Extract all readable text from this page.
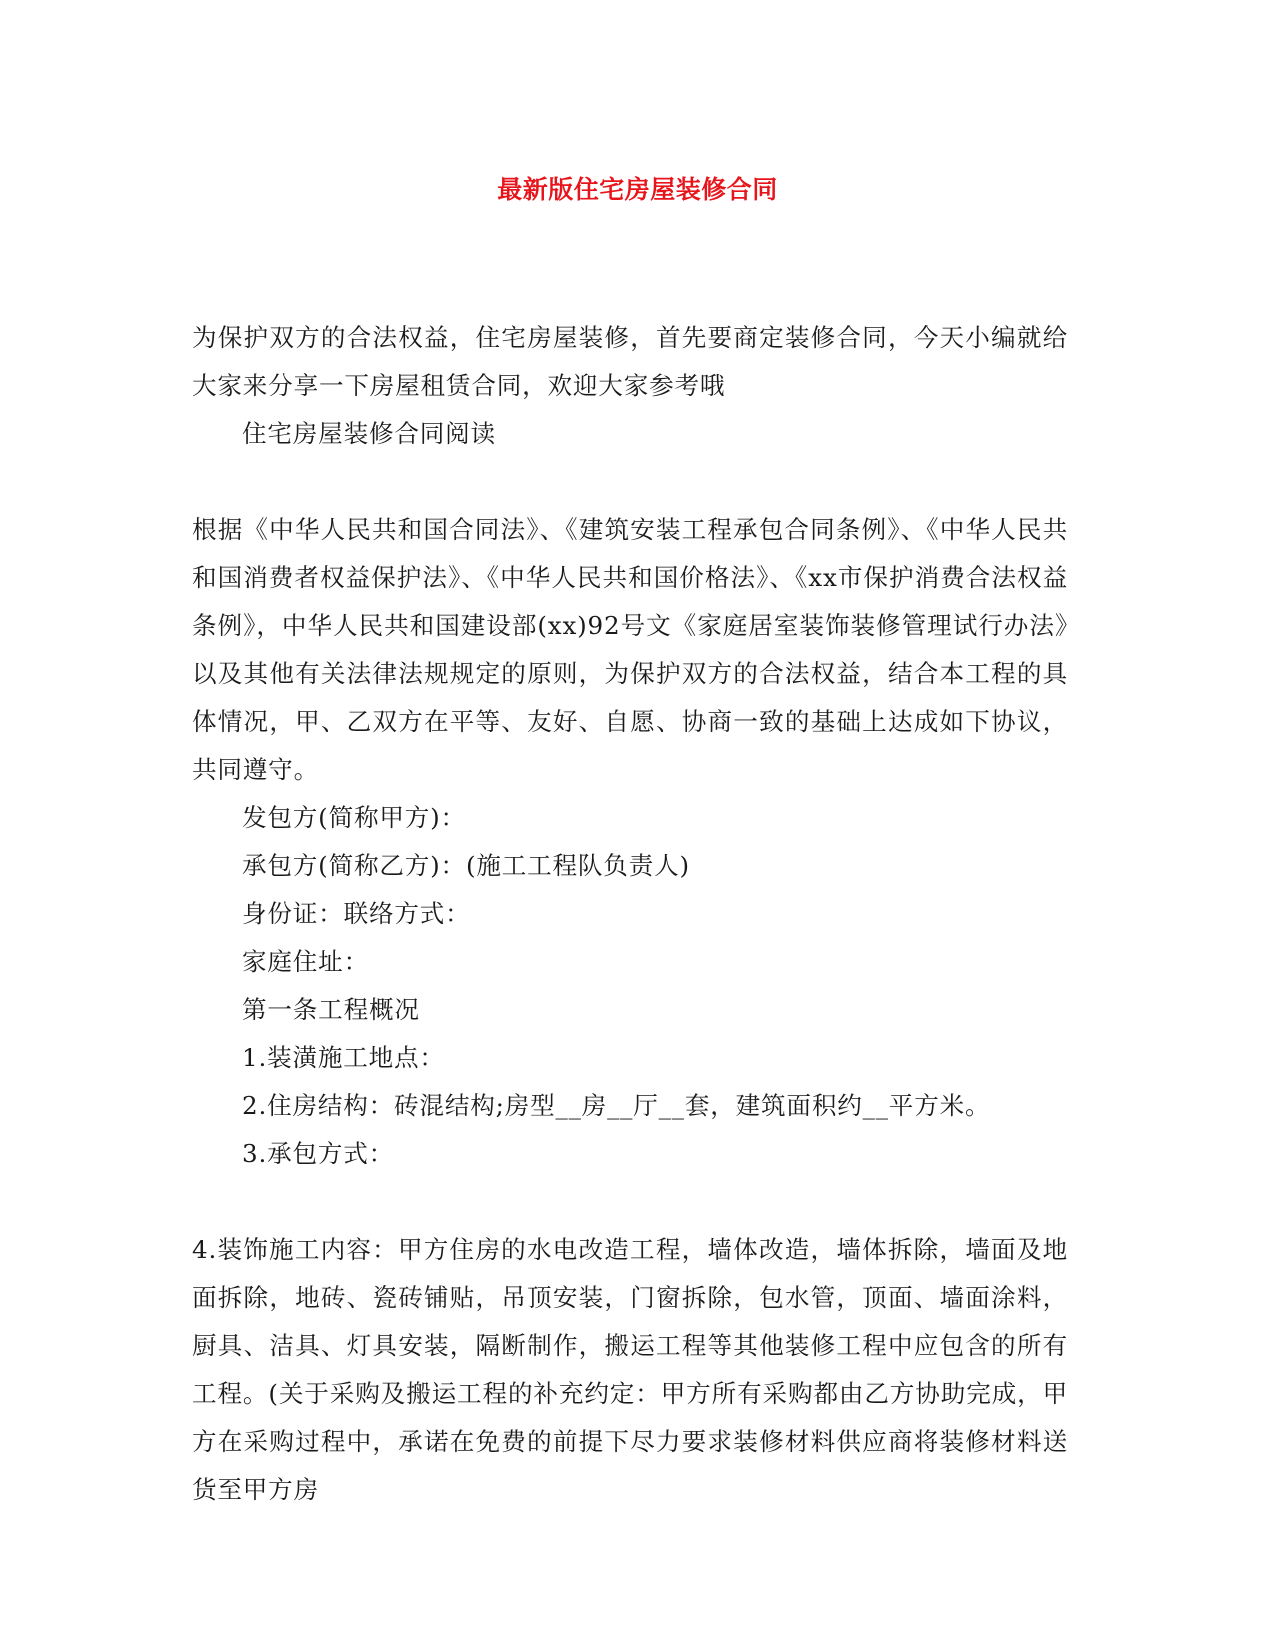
最新版住宅房屋装修合同

为保护双方的合法权益，住宅房屋装修，首先要商定装修合同，今天小编就给大家来分享一下房屋租赁合同，欢迎大家参考哦

住宅房屋装修合同阅读

根据《中华人民共和国合同法》、《建筑安装工程承包合同条例》、《中华人民共和国消费者权益保护法》、《中华人民共和国价格法》、《xx市保护消费合法权益条例》，中华人民共和国建设部(xx)92号文《家庭居室装饰装修管理试行办法》以及其他有关法律法规规定的原则，为保护双方的合法权益，结合本工程的具体情况，甲、乙双方在平等、友好、自愿、协商一致的基础上达成如下协议，共同遵守。

发包方(简称甲方)：

承包方(简称乙方)：(施工工程队负责人)

身份证：联络方式：

家庭住址：

第一条工程概况

1.装潢施工地点：

2.住房结构：砖混结构;房型__房__厅__套，建筑面积约__平方米。

3.承包方式：

4.装饰施工内容：甲方住房的水电改造工程，墙体改造，墙体拆除，墙面及地面拆除，地砖、瓷砖铺贴，吊顶安装，门窗拆除，包水管，顶面、墙面涂料，厨具、洁具、灯具安装，隔断制作，搬运工程等其他装修工程中应包含的所有工程。(关于采购及搬运工程的补充约定：甲方所有采购都由乙方协助完成，甲方在采购过程中，承诺在免费的前提下尽力要求装修材料供应商将装修材料送货至甲方房
